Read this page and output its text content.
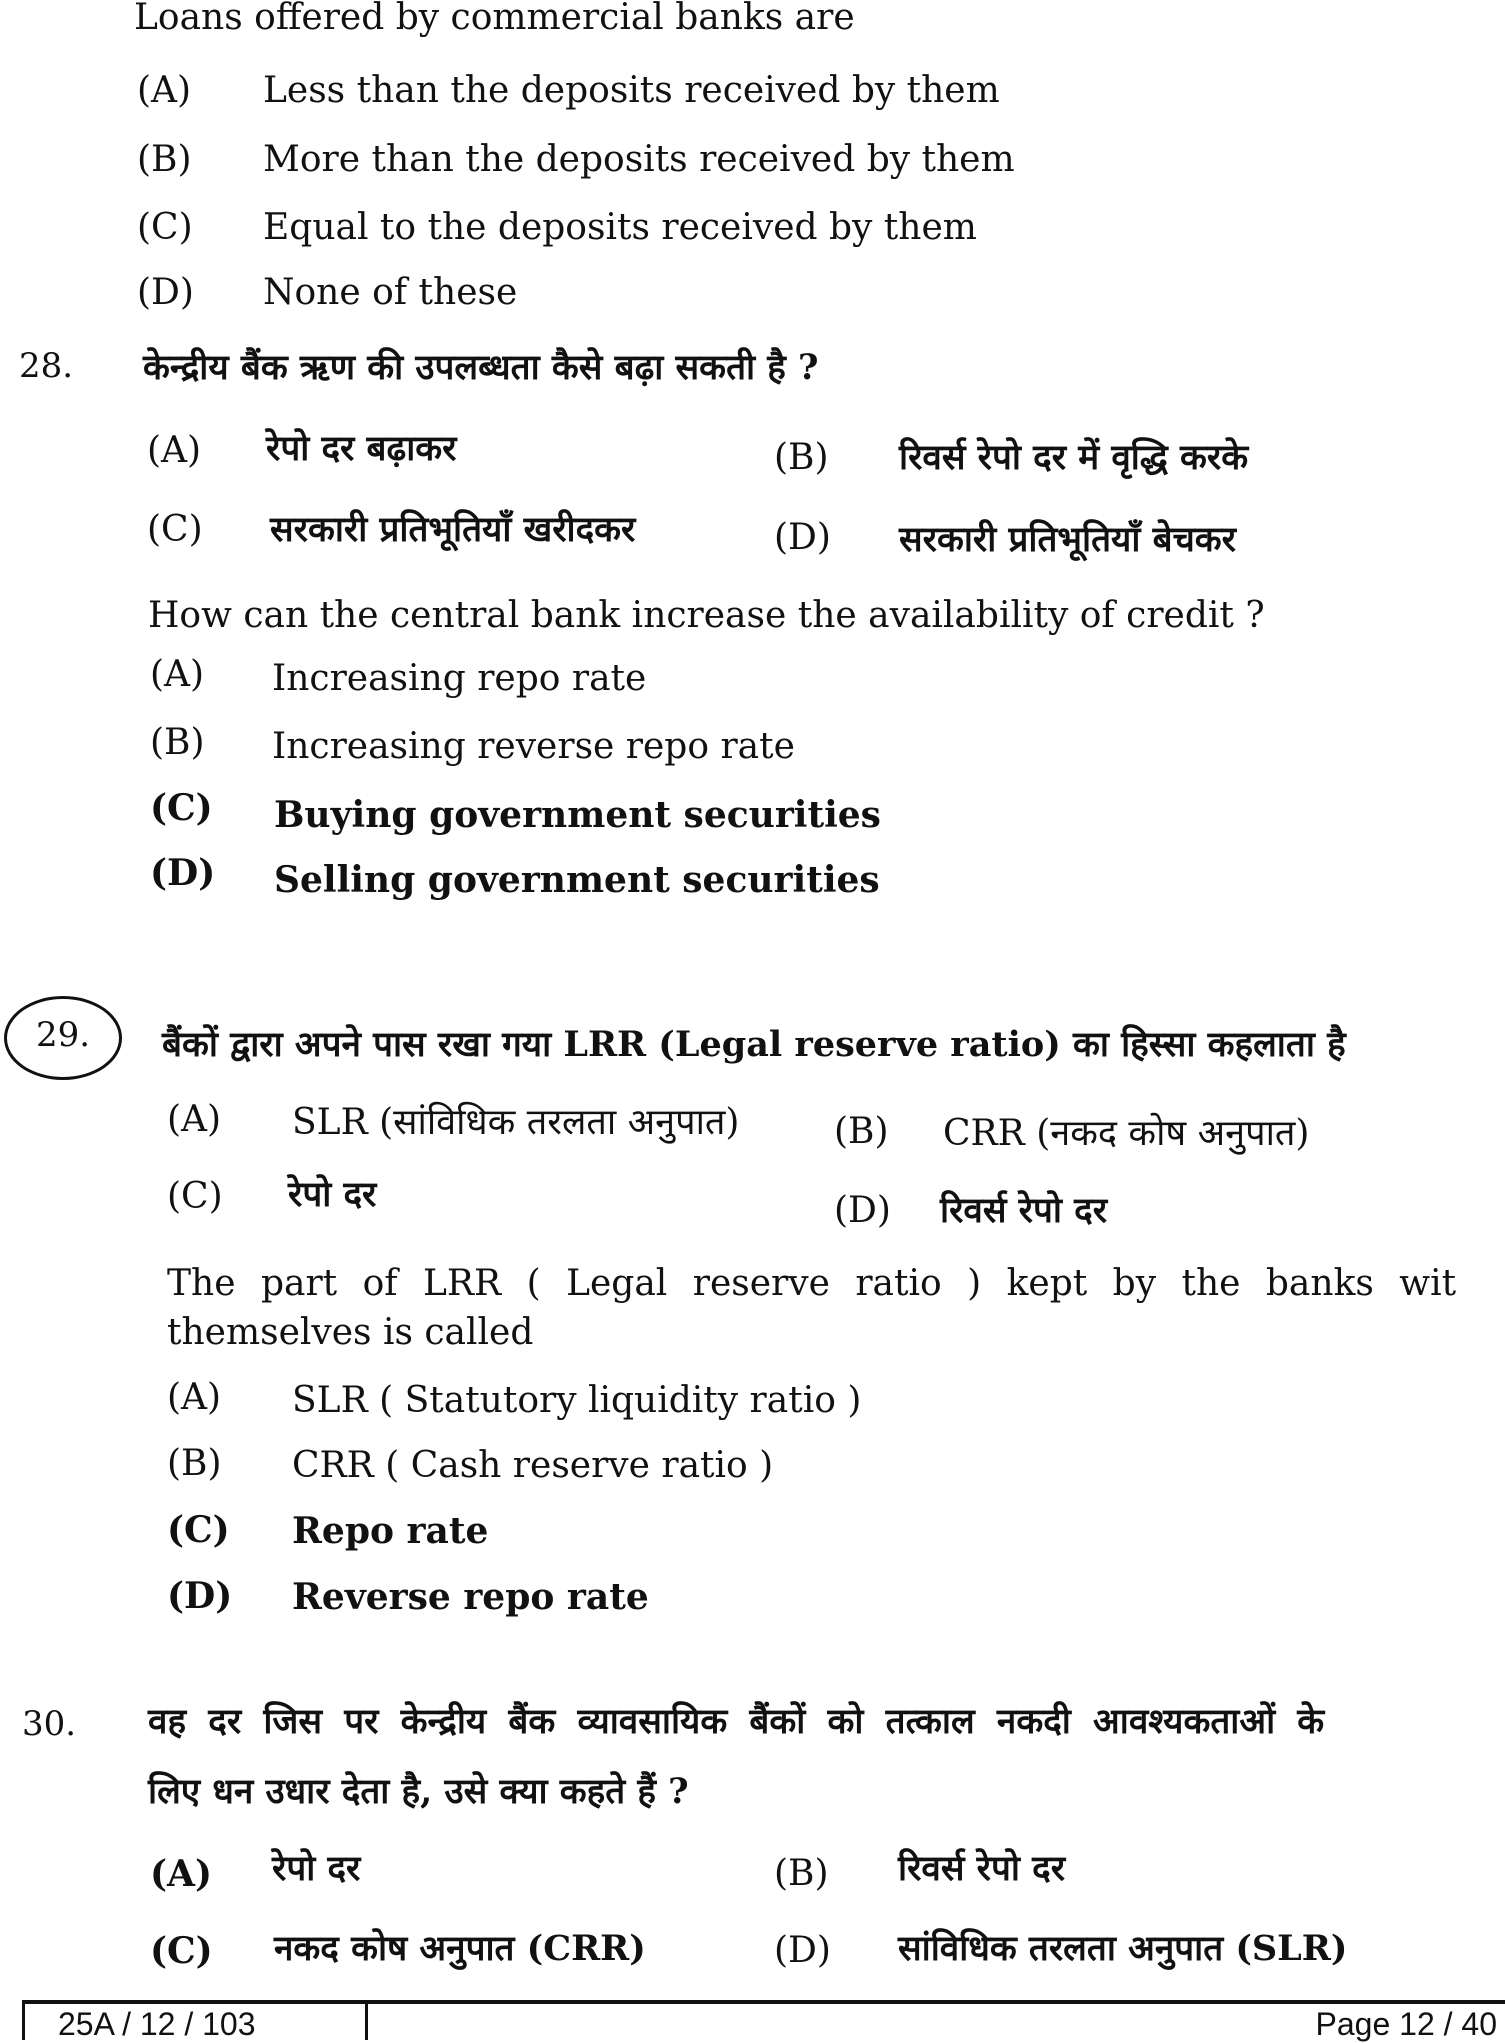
Loans offered by commercial banks are
(A) Less than the deposits received by them
(B) More than the deposits received by them
(C) Equal to the deposits received by them
(D) None of these
28. केन्द्रीय बैंक ऋण की उपलब्धता कैसे बढ़ा सकती है ?
(A) रेपो दर बढ़ाकर	(B) रिवर्स रेपो दर में वृद्धि करके
(C) सरकारी प्रतिभूतियाँ खरीदकर	(D) सरकारी प्रतिभूतियाँ बेचकर
How can the central bank increase the availability of credit ?
(A) Increasing repo rate
(B) Increasing reverse repo rate
(C) Buying government securities
(D) Selling government securities
29. बैंकों द्वारा अपने पास रखा गया LRR (Legal reserve ratio) का हिस्सा कहलाता है
(A) SLR (सांविधिक तरलता अनुपात)	(B) CRR (नकद कोष अनुपात)
(C) रेपो दर	(D) रिवर्स रेपो दर
The part of LRR ( Legal reserve ratio ) kept by the banks wit
themselves is called
(A) SLR ( Statutory liquidity ratio )
(B) CRR ( Cash reserve ratio )
(C) Repo rate
(D) Reverse repo rate
30. वह दर जिस पर केन्द्रीय बैंक व्यावसायिक बैंकों को तत्काल नकदी आवश्यकताओं के
लिए धन उधार देता है, उसे क्या कहते हैं ?
(A) रेपो दर	(B) रिवर्स रेपो दर
(C) नकद कोष अनुपात (CRR)	(D) सांविधिक तरलता अनुपात (SLR)
25A / 12 / 103	Page 12 / 40
